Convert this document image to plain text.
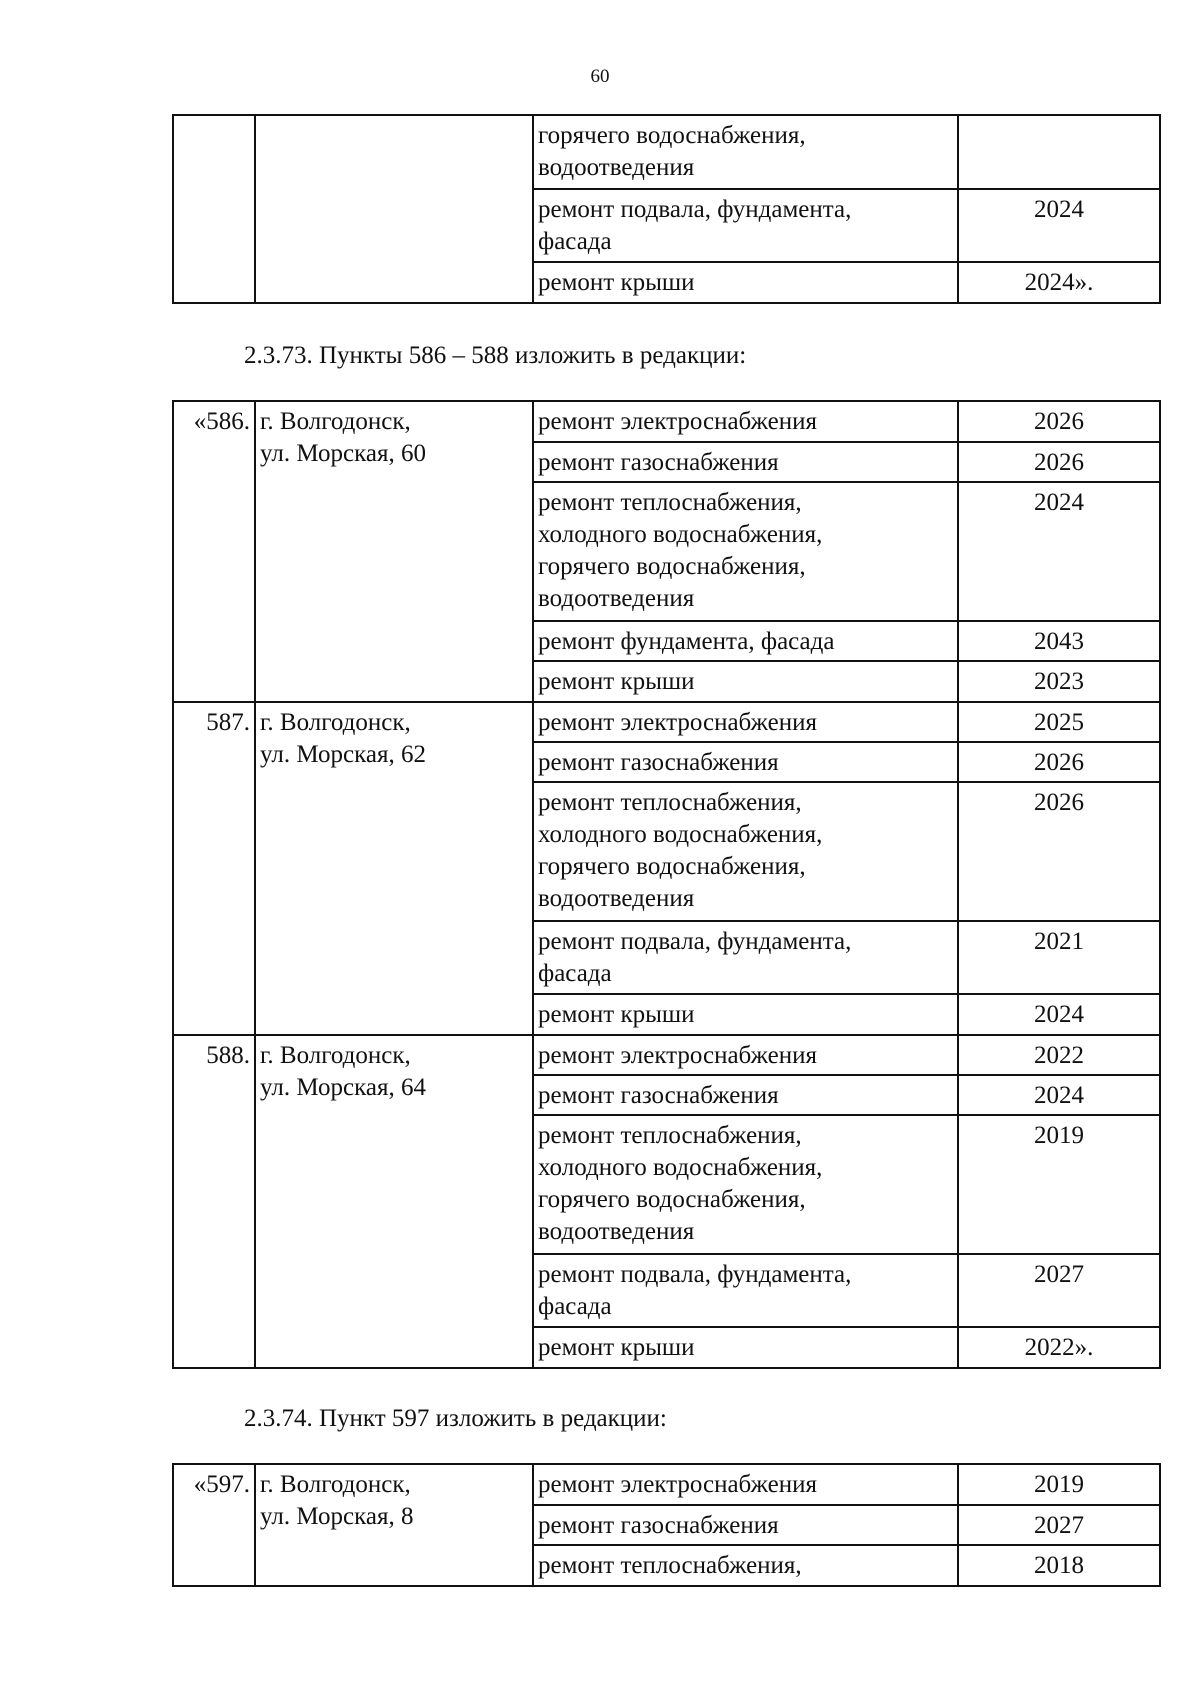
60
		горячего водоснабжения,
водоотведения	
		ремонт подвала, фундамента,
фасада	2024
		ремонт крыши	2024».
2.3.73. Пункты 586 – 588 изложить в редакции:
«586.	г. Волгодонск,
ул. Морская, 60	ремонт электроснабжения	2026
		ремонт газоснабжения	2026
		ремонт теплоснабжения,
холодного водоснабжения,
горячего водоснабжения,
водоотведения	2024
		ремонт фундамента, фасада	2043
		ремонт крыши	2023
587.	г. Волгодонск,
ул. Морская, 62	ремонт электроснабжения	2025
		ремонт газоснабжения	2026
		ремонт теплоснабжения,
холодного водоснабжения,
горячего водоснабжения,
водоотведения	2026
		ремонт подвала, фундамента,
фасада	2021
		ремонт крыши	2024
588.	г. Волгодонск,
ул. Морская, 64	ремонт электроснабжения	2022
		ремонт газоснабжения	2024
		ремонт теплоснабжения,
холодного водоснабжения,
горячего водоснабжения,
водоотведения	2019
		ремонт подвала, фундамента,
фасада	2027
		ремонт крыши	2022».
2.3.74. Пункт 597 изложить в редакции:
«597.	г. Волгодонск,
ул. Морская, 8	ремонт электроснабжения	2019
		ремонт газоснабжения	2027
		ремонт теплоснабжения,	2018
